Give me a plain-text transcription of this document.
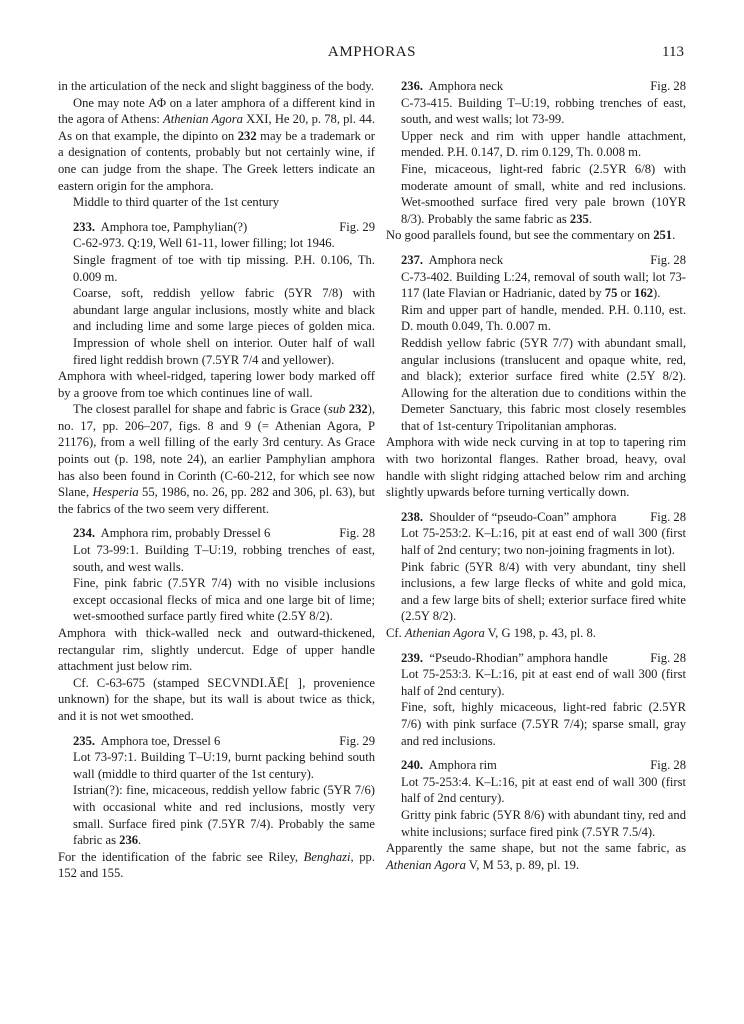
AMPHORAS	113

in the articulation of the neck and slight bagginess of the body.

One may note ΑΦ on a later amphora of a different kind in the agora of Athens: Athenian Agora XXI, He 20, p. 78, pl. 44. As on that example, the dipinto on 232 may be a trademark or a designation of contents, probably but not certainly wine, if one can judge from the shape. The Greek letters indicate an eastern origin for the amphora.

Middle to third quarter of the 1st century

233. Amphora toe, Pamphylian(?)	Fig. 29

C-62-973. Q:19, Well 61-11, lower filling; lot 1946.

Single fragment of toe with tip missing. P.H. 0.106, Th. 0.009 m.

Coarse, soft, reddish yellow fabric (5YR 7/8) with abundant large angular inclusions, mostly white and black and including lime and some large pieces of golden mica. Impression of whole shell on interior. Outer half of wall fired light reddish brown (7.5YR 7/4 and yellower).

Amphora with wheel-ridged, tapering lower body marked off by a groove from toe which continues line of wall.

The closest parallel for shape and fabric is Grace (sub 232), no. 17, pp. 206–207, figs. 8 and 9 (= Athenian Agora, P 21176), from a well filling of the early 3rd century. As Grace points out (p. 198, note 24), an earlier Pamphylian amphora has also been found in Corinth (C-60-212, for which see now Slane, Hesperia 55, 1986, no. 26, pp. 282 and 306, pl. 63), but the fabrics of the two seem very different.

234. Amphora rim, probably Dressel 6	Fig. 28

Lot 73-99:1. Building T–U:19, robbing trenches of east, south, and west walls.

Fine, pink fabric (7.5YR 7/4) with no visible inclusions except occasional flecks of mica and one large bit of lime; wet-smoothed surface partly fired white (2.5Y 8/2).

Amphora with thick-walled neck and outward-thickened, rectangular rim, slightly undercut. Edge of upper handle attachment just below rim.

Cf. C-63-675 (stamped SECVNDI.ĀĒ[ ], provenience unknown) for the shape, but its wall is about twice as thick, and it is not wet smoothed.

235. Amphora toe, Dressel 6	Fig. 29

Lot 73-97:1. Building T–U:19, burnt packing behind south wall (middle to third quarter of the 1st century).

Istrian(?): fine, micaceous, reddish yellow fabric (5YR 7/6) with occasional white and red inclusions, mostly very small. Surface fired pink (7.5YR 7/4). Probably the same fabric as 236.

For the identification of the fabric see Riley, Benghazi, pp. 152 and 155.

236. Amphora neck	Fig. 28

C-73-415. Building T–U:19, robbing trenches of east, south, and west walls; lot 73-99.

Upper neck and rim with upper handle attachment, mended. P.H. 0.147, D. rim 0.129, Th. 0.008 m.

Fine, micaceous, light-red fabric (2.5YR 6/8) with moderate amount of small, white and red inclusions. Wet-smoothed surface fired very pale brown (10YR 8/3). Probably the same fabric as 235.

No good parallels found, but see the commentary on 251.

237. Amphora neck	Fig. 28

C-73-402. Building L:24, removal of south wall; lot 73-117 (late Flavian or Hadrianic, dated by 75 or 162).

Rim and upper part of handle, mended. P.H. 0.110, est. D. mouth 0.049, Th. 0.007 m.

Reddish yellow fabric (5YR 7/7) with abundant small, angular inclusions (translucent and opaque white, red, and black); exterior surface fired white (2.5Y 8/2). Allowing for the alteration due to conditions within the Demeter Sanctuary, this fabric most closely resembles that of 1st-century Tripolitanian amphoras.

Amphora with wide neck curving in at top to tapering rim with two horizontal flanges. Rather broad, heavy, oval handle with slight ridging attached below rim and arching slightly upwards before turning vertically down.

238. Shoulder of “pseudo-Coan” amphora	Fig. 28

Lot 75-253:2. K–L:16, pit at east end of wall 300 (first half of 2nd century; two non-joining fragments in lot).

Pink fabric (5YR 8/4) with very abundant, tiny shell inclusions, a few large flecks of white and gold mica, and a few large bits of shell; exterior surface fired white (2.5Y 8/2).

Cf. Athenian Agora V, G 198, p. 43, pl. 8.

239. “Pseudo-Rhodian” amphora handle	Fig. 28

Lot 75-253:3. K–L:16, pit at east end of wall 300 (first half of 2nd century).

Fine, soft, highly micaceous, light-red fabric (2.5YR 7/6) with pink surface (7.5YR 7/4); sparse small, gray and red inclusions.

240. Amphora rim	Fig. 28

Lot 75-253:4. K–L:16, pit at east end of wall 300 (first half of 2nd century).

Gritty pink fabric (5YR 8/6) with abundant tiny, red and white inclusions; surface fired pink (7.5YR 7.5/4).

Apparently the same shape, but not the same fabric, as Athenian Agora V, M 53, p. 89, pl. 19.
